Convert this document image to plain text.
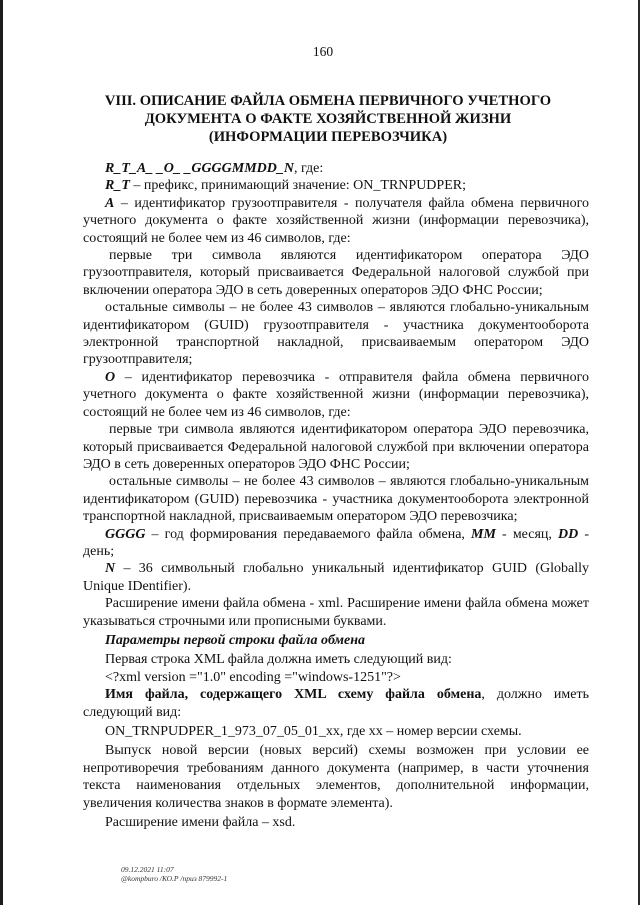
160
VIII. ОПИСАНИЕ ФАЙЛА ОБМЕНА ПЕРВИЧНОГО УЧЕТНОГО
ДОКУМЕНТА О ФАКТЕ ХОЗЯЙСТВЕННОЙ ЖИЗНИ
(ИНФОРМАЦИИ ПЕРЕВОЗЧИКА)

R_T_A_ _O_ _GGGGMMDD_N, где:

R_T – префикс, принимающий значение: ON_TRNPUDPER;

A – идентификатор грузоотправителя - получателя файла обмена первичного учетного документа о факте хозяйственной жизни (информации перевозчика), состоящий не более чем из 46 символов, где:

первые три символа являются идентификатором оператора ЭДО грузоотправителя, который присваивается Федеральной налоговой службой при включении оператора ЭДО в сеть доверенных операторов ЭДО ФНС России;

остальные символы – не более 43 символов – являются глобально-уникальным идентификатором (GUID) грузоотправителя - участника документооборота электронной транспортной накладной, присваиваемым оператором ЭДО грузоотправителя;

O – идентификатор перевозчика - отправителя файла обмена первичного учетного документа о факте хозяйственной жизни (информации перевозчика), состоящий не более чем из 46 символов, где:

первые три символа являются идентификатором оператора ЭДО перевозчика, который присваивается Федеральной налоговой службой при включении оператора ЭДО в сеть доверенных операторов ЭДО ФНС России;

остальные символы – не более 43 символов – являются глобально-уникальным идентификатором (GUID) перевозчика - участника документооборота электронной транспортной накладной, присваиваемым оператором ЭДО перевозчика;

GGGG – год формирования передаваемого файла обмена, MM - месяц, DD - день;

N – 36 символьный глобально уникальный идентификатор GUID (Globally Unique IDentifier).

Расширение имени файла обмена - xml. Расширение имени файла обмена может указываться строчными или прописными буквами.

Параметры первой строки файла обмена

Первая строка XML файла должна иметь следующий вид:

<?xml version ="1.0" encoding ="windows-1251"?>

Имя файла, содержащего XML схему файла обмена, должно иметь следующий вид:

ON_TRNPUDPER_1_973_07_05_01_xx, где хх – номер версии схемы.

Выпуск новой версии (новых версий) схемы возможен при условии ее непротиворечия требованиям данного документа (например, в части уточнения текста наименования отдельных элементов, дополнительной информации, увеличения количества знаков в формате элемента).

Расширение имени файла – xsd.

09.12.2021 11:07
@kompburo /КО.Р /приз 879992-1
